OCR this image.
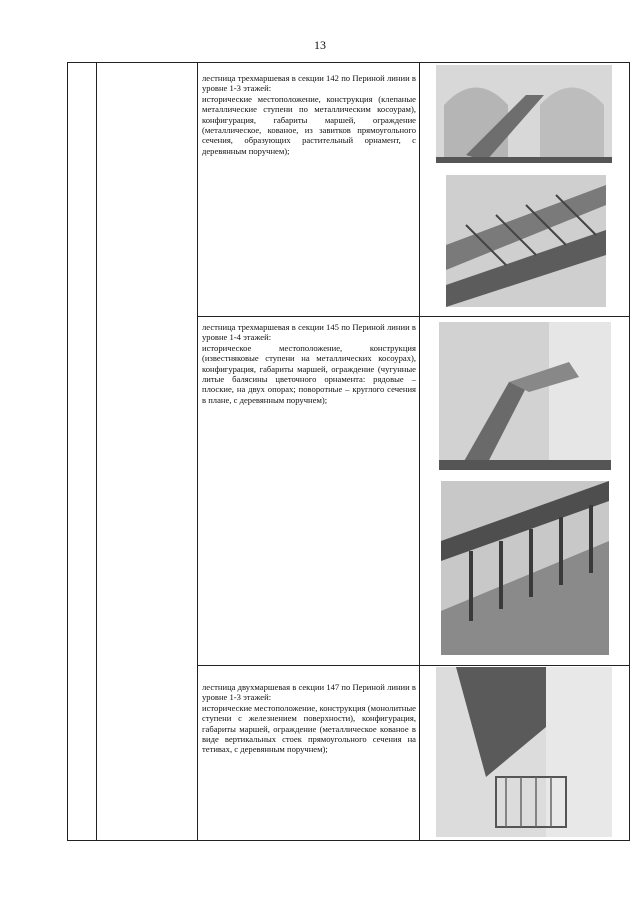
13

лестница трехмаршевая в секции 142 по Периной линии в уровне 1-3 этажей:

исторические местоположение, конструкция (клепаные металлические ступени по металлическим косоурам), конфигурация, габариты маршей, ограждение (металлическое, кованое, из завитков прямоугольного сечения, образующих растительный орнамент, с деревянным поручнем);

лестница трехмаршевая в секции 145 по Периной линии в уровне 1-4 этажей:

историческое местоположение, конструкция (известняковые ступени на металлических косоурах), конфигурация, габариты маршей, ограждение (чугунные литые балясины цветочного орнамента: рядовые – плоские, на двух опорах; поворотные – круглого сечения в плане, с деревянным поручнем);

лестница двухмаршевая в секции 147 по Периной линии в уровне 1-3 этажей:

исторические местоположение, конструкция (монолитные ступени с железнением поверхности), конфигурация, габариты маршей, ограждение (металлическое кованое в виде вертикальных стоек прямоугольного сечения на тетивах, с деревянным поручнем);
